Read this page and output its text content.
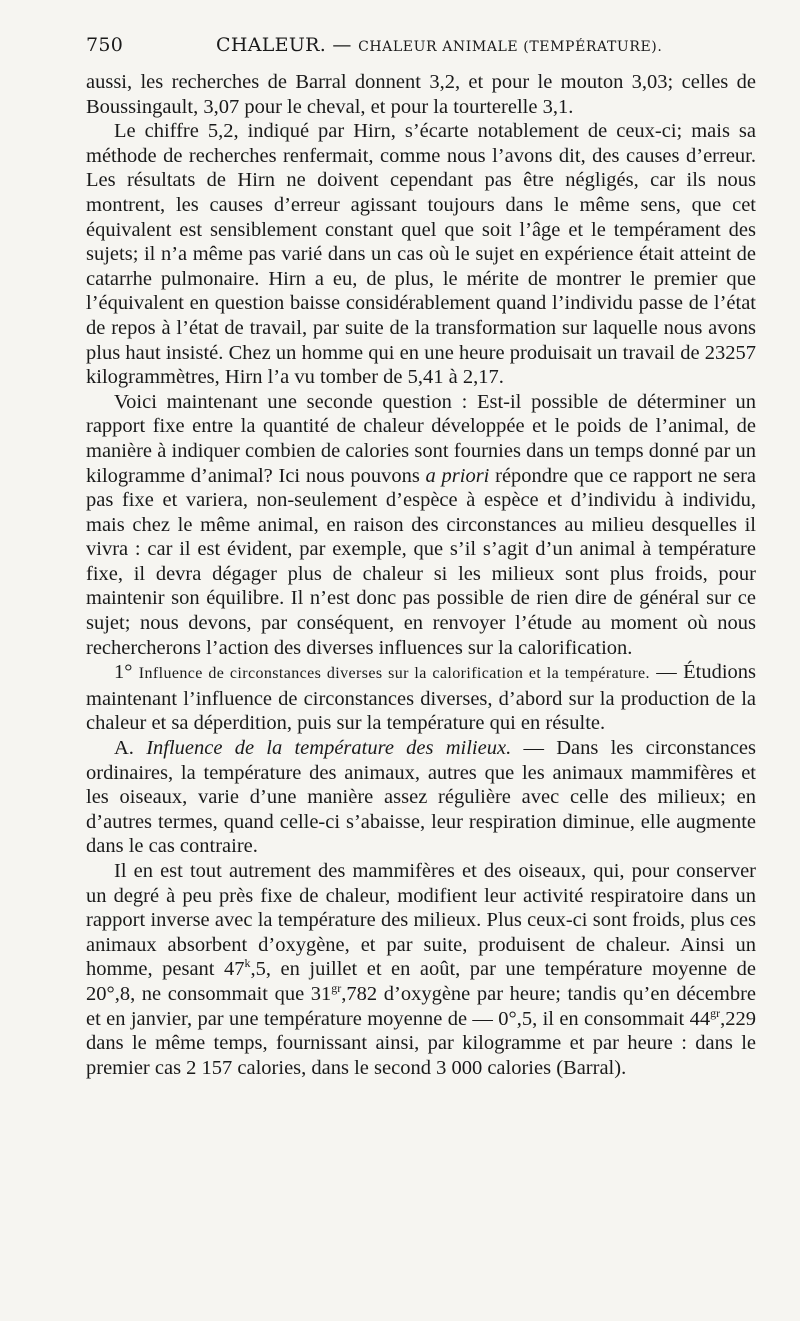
750	CHALEUR. — CHALEUR ANIMALE (TEMPÉRATURE).

aussi, les recherches de Barral donnent 3,2, et pour le mouton 3,03; celles de Boussingault, 3,07 pour le cheval, et pour la tourterelle 3,1.

Le chiffre 5,2, indiqué par Hirn, s’écarte notablement de ceux-ci; mais sa méthode de recherches renfermait, comme nous l’avons dit, des causes d’erreur. Les résultats de Hirn ne doivent cependant pas être négligés, car ils nous montrent, les causes d’erreur agissant toujours dans le même sens, que cet équivalent est sensiblement constant quel que soit l’âge et le tempérament des sujets; il n’a même pas varié dans un cas où le sujet en expérience était atteint de catarrhe pulmonaire. Hirn a eu, de plus, le mérite de montrer le premier que l’équivalent en question baisse considérablement quand l’individu passe de l’état de repos à l’état de travail, par suite de la transformation sur laquelle nous avons plus haut insisté. Chez un homme qui en une heure produisait un travail de 23257 kilogrammètres, Hirn l’a vu tomber de 5,41 à 2,17.

Voici maintenant une seconde question : Est-il possible de déterminer un rapport fixe entre la quantité de chaleur développée et le poids de l’animal, de manière à indiquer combien de calories sont fournies dans un temps donné par un kilogramme d’animal? Ici nous pouvons a priori répondre que ce rapport ne sera pas fixe et variera, non-seulement d’espèce à espèce et d’individu à individu, mais chez le même animal, en raison des circonstances au milieu desquelles il vivra : car il est évident, par exemple, que s’il s’agit d’un animal à température fixe, il devra dégager plus de chaleur si les milieux sont plus froids, pour maintenir son équilibre. Il n’est donc pas possible de rien dire de général sur ce sujet; nous devons, par conséquent, en renvoyer l’étude au moment où nous rechercherons l’action des diverses influences sur la calorification.

1° Influence de circonstances diverses sur la calorification et la température. — Étudions maintenant l’influence de circonstances diverses, d’abord sur la production de la chaleur et sa déperdition, puis sur la température qui en résulte.

A. Influence de la température des milieux. — Dans les circonstances ordinaires, la température des animaux, autres que les animaux mammifères et les oiseaux, varie d’une manière assez régulière avec celle des milieux; en d’autres termes, quand celle-ci s’abaisse, leur respiration diminue, elle augmente dans le cas contraire.

Il en est tout autrement des mammifères et des oiseaux, qui, pour conserver un degré à peu près fixe de chaleur, modifient leur activité respiratoire dans un rapport inverse avec la température des milieux. Plus ceux-ci sont froids, plus ces animaux absorbent d’oxygène, et par suite, produisent de chaleur. Ainsi un homme, pesant 47$^k$,5, en juillet et en août, par une température moyenne de 20°,8, ne consommait que $31^{gr},782$ d’oxygène par heure; tandis qu’en décembre et en janvier, par une température moyenne de — 0°,5, il en consommait $44^{gr},229$ dans le même temps, fournissant ainsi, par kilogramme et par heure : dans le premier cas 2 157 calories, dans le second 3 000 calories (Barral).
